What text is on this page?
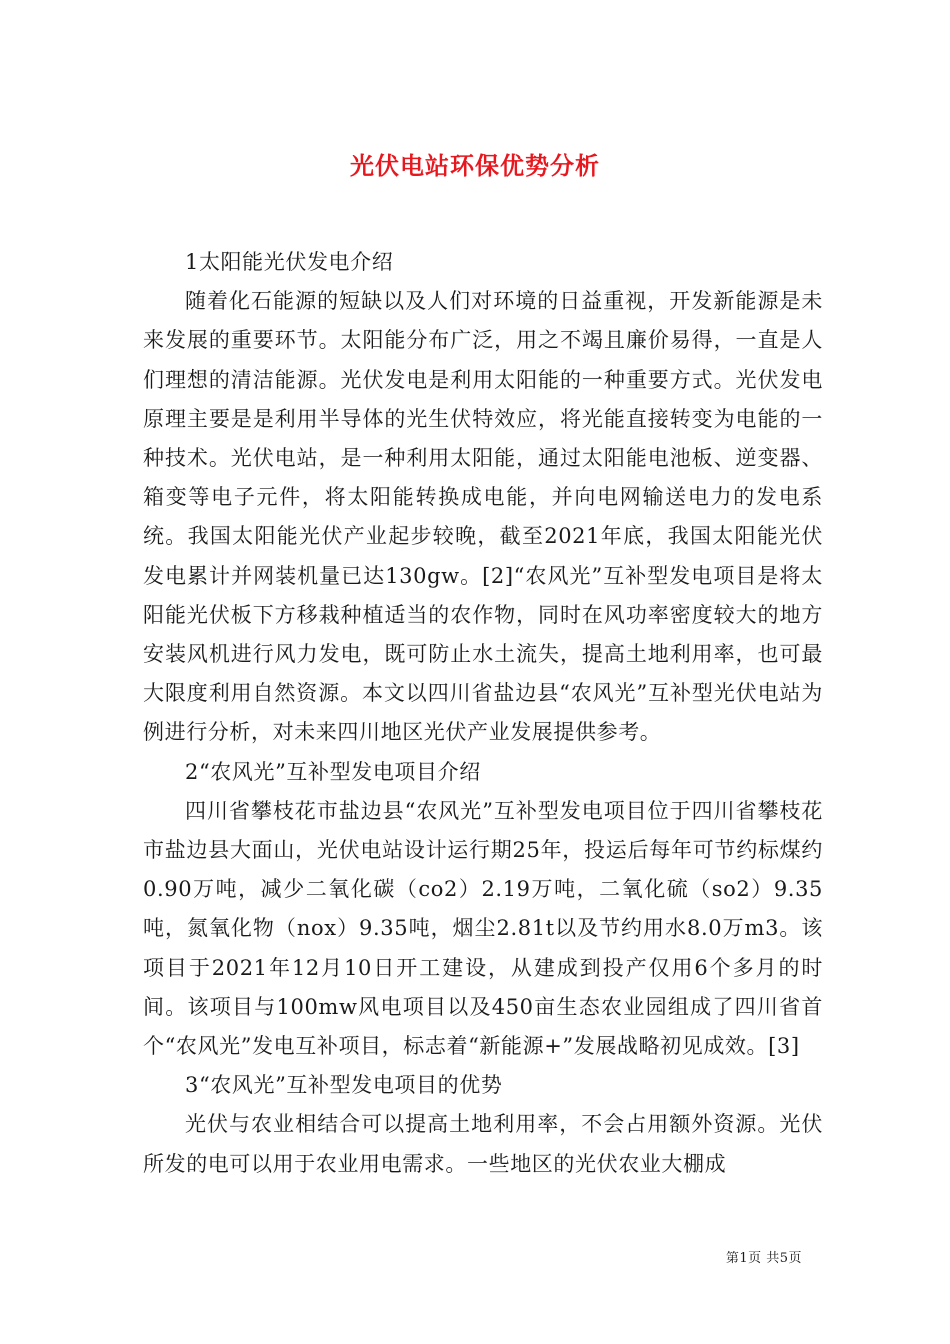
光伏电站环保优势分析

1太阳能光伏发电介绍

随着化石能源的短缺以及人们对环境的日益重视，开发新能源是未来发展的重要环节。太阳能分布广泛，用之不竭且廉价易得，一直是人们理想的清洁能源。光伏发电是利用太阳能的一种重要方式。光伏发电原理主要是是利用半导体的光生伏特效应，将光能直接转变为电能的一种技术。光伏电站，是一种利用太阳能，通过太阳能电池板、逆变器、箱变等电子元件，将太阳能转换成电能，并向电网输送电力的发电系统。我国太阳能光伏产业起步较晚，截至2021年底，我国太阳能光伏发电累计并网装机量已达130gw。[2]“农风光”互补型发电项目是将太阳能光伏板下方移栽种植适当的农作物，同时在风功率密度较大的地方安装风机进行风力发电，既可防止水土流失，提高土地利用率，也可最大限度利用自然资源。本文以四川省盐边县“农风光”互补型光伏电站为例进行分析，对未来四川地区光伏产业发展提供参考。

2“农风光”互补型发电项目介绍

四川省攀枝花市盐边县“农风光”互补型发电项目位于四川省攀枝花市盐边县大面山，光伏电站设计运行期25年，投运后每年可节约标煤约0.90万吨，减少二氧化碳（co2）2.19万吨，二氧化硫（so2）9.35吨，氮氧化物（nox）9.35吨，烟尘2.81t以及节约用水8.0万m3。该项目于2021年12月10日开工建设，从建成到投产仅用6个多月的时间。该项目与100mw风电项目以及450亩生态农业园组成了四川省首个“农风光”发电互补项目，标志着“新能源+”发展战略初见成效。[3]

3“农风光”互补型发电项目的优势

光伏与农业相结合可以提高土地利用率，不会占用额外资源。光伏所发的电可以用于农业用电需求。一些地区的光伏农业大棚成

第1页 共5页
